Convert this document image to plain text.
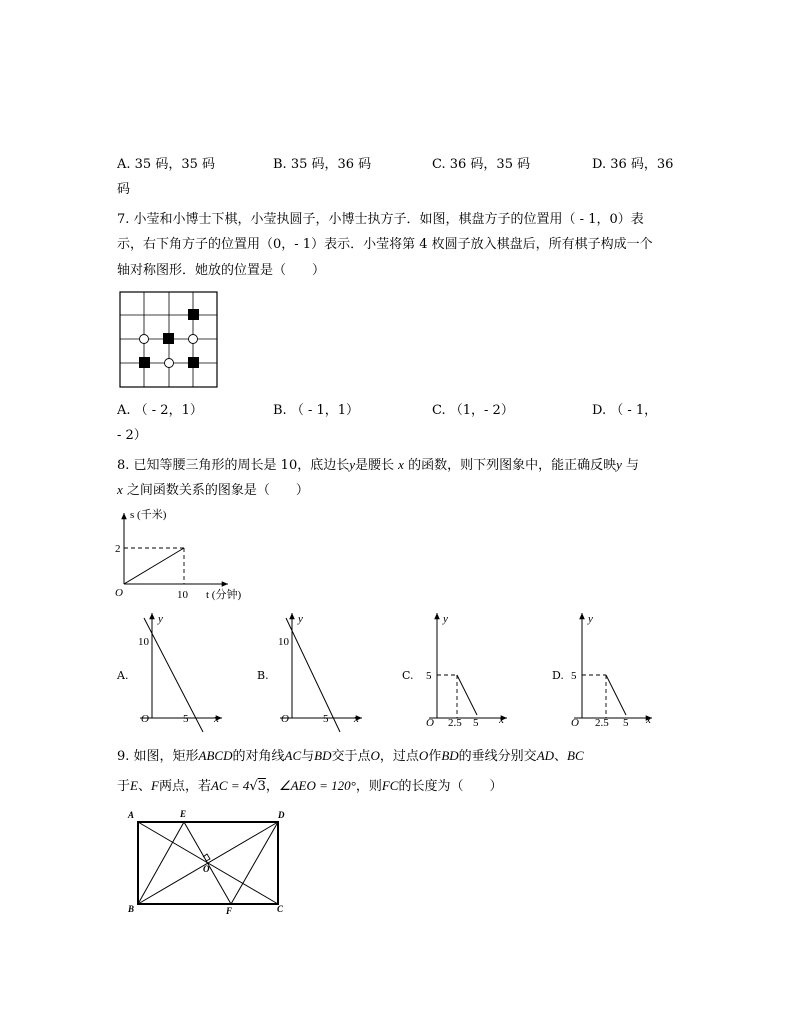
A. 35 码，35 码	B. 35 码，36 码	C. 36 码，35 码	D. 36 码，36
码
7. 小莹和小博士下棋，小莹执圆子，小博士执方子．如图，棋盘方子的位置用（ - 1，0）表
示，右下角方子的位置用（0，- 1）表示．小莹将第 4 枚圆子放入棋盘后，所有棋子构成一个
轴对称图形．她放的位置是（　　）
A. （ - 2，1）	B. （ - 1，1）	C. （1，- 2）	D. （ - 1，
- 2）
8. 已知等腰三角形的周长是 10，底边长y是腰长 x 的函数，则下列图象中，能正确反映y 与
x 之间函数关系的图象是（　　）
s (千米)
2
O	10 t (分钟)
A.
y
10
O	5 x
B.
y
10
O	5 x
C.
y
5
O 2.5 5 x
D.
y
5
O 2.5 5 x
9. 如图，矩形ABCD的对角线AC与BD交于点O，过点O作BD的垂线分别交AD、BC
于E、F两点，若AC = 4√3，∠AEO = 120°，则FC的长度为（　　）
A	E	D
O
B	F	C
